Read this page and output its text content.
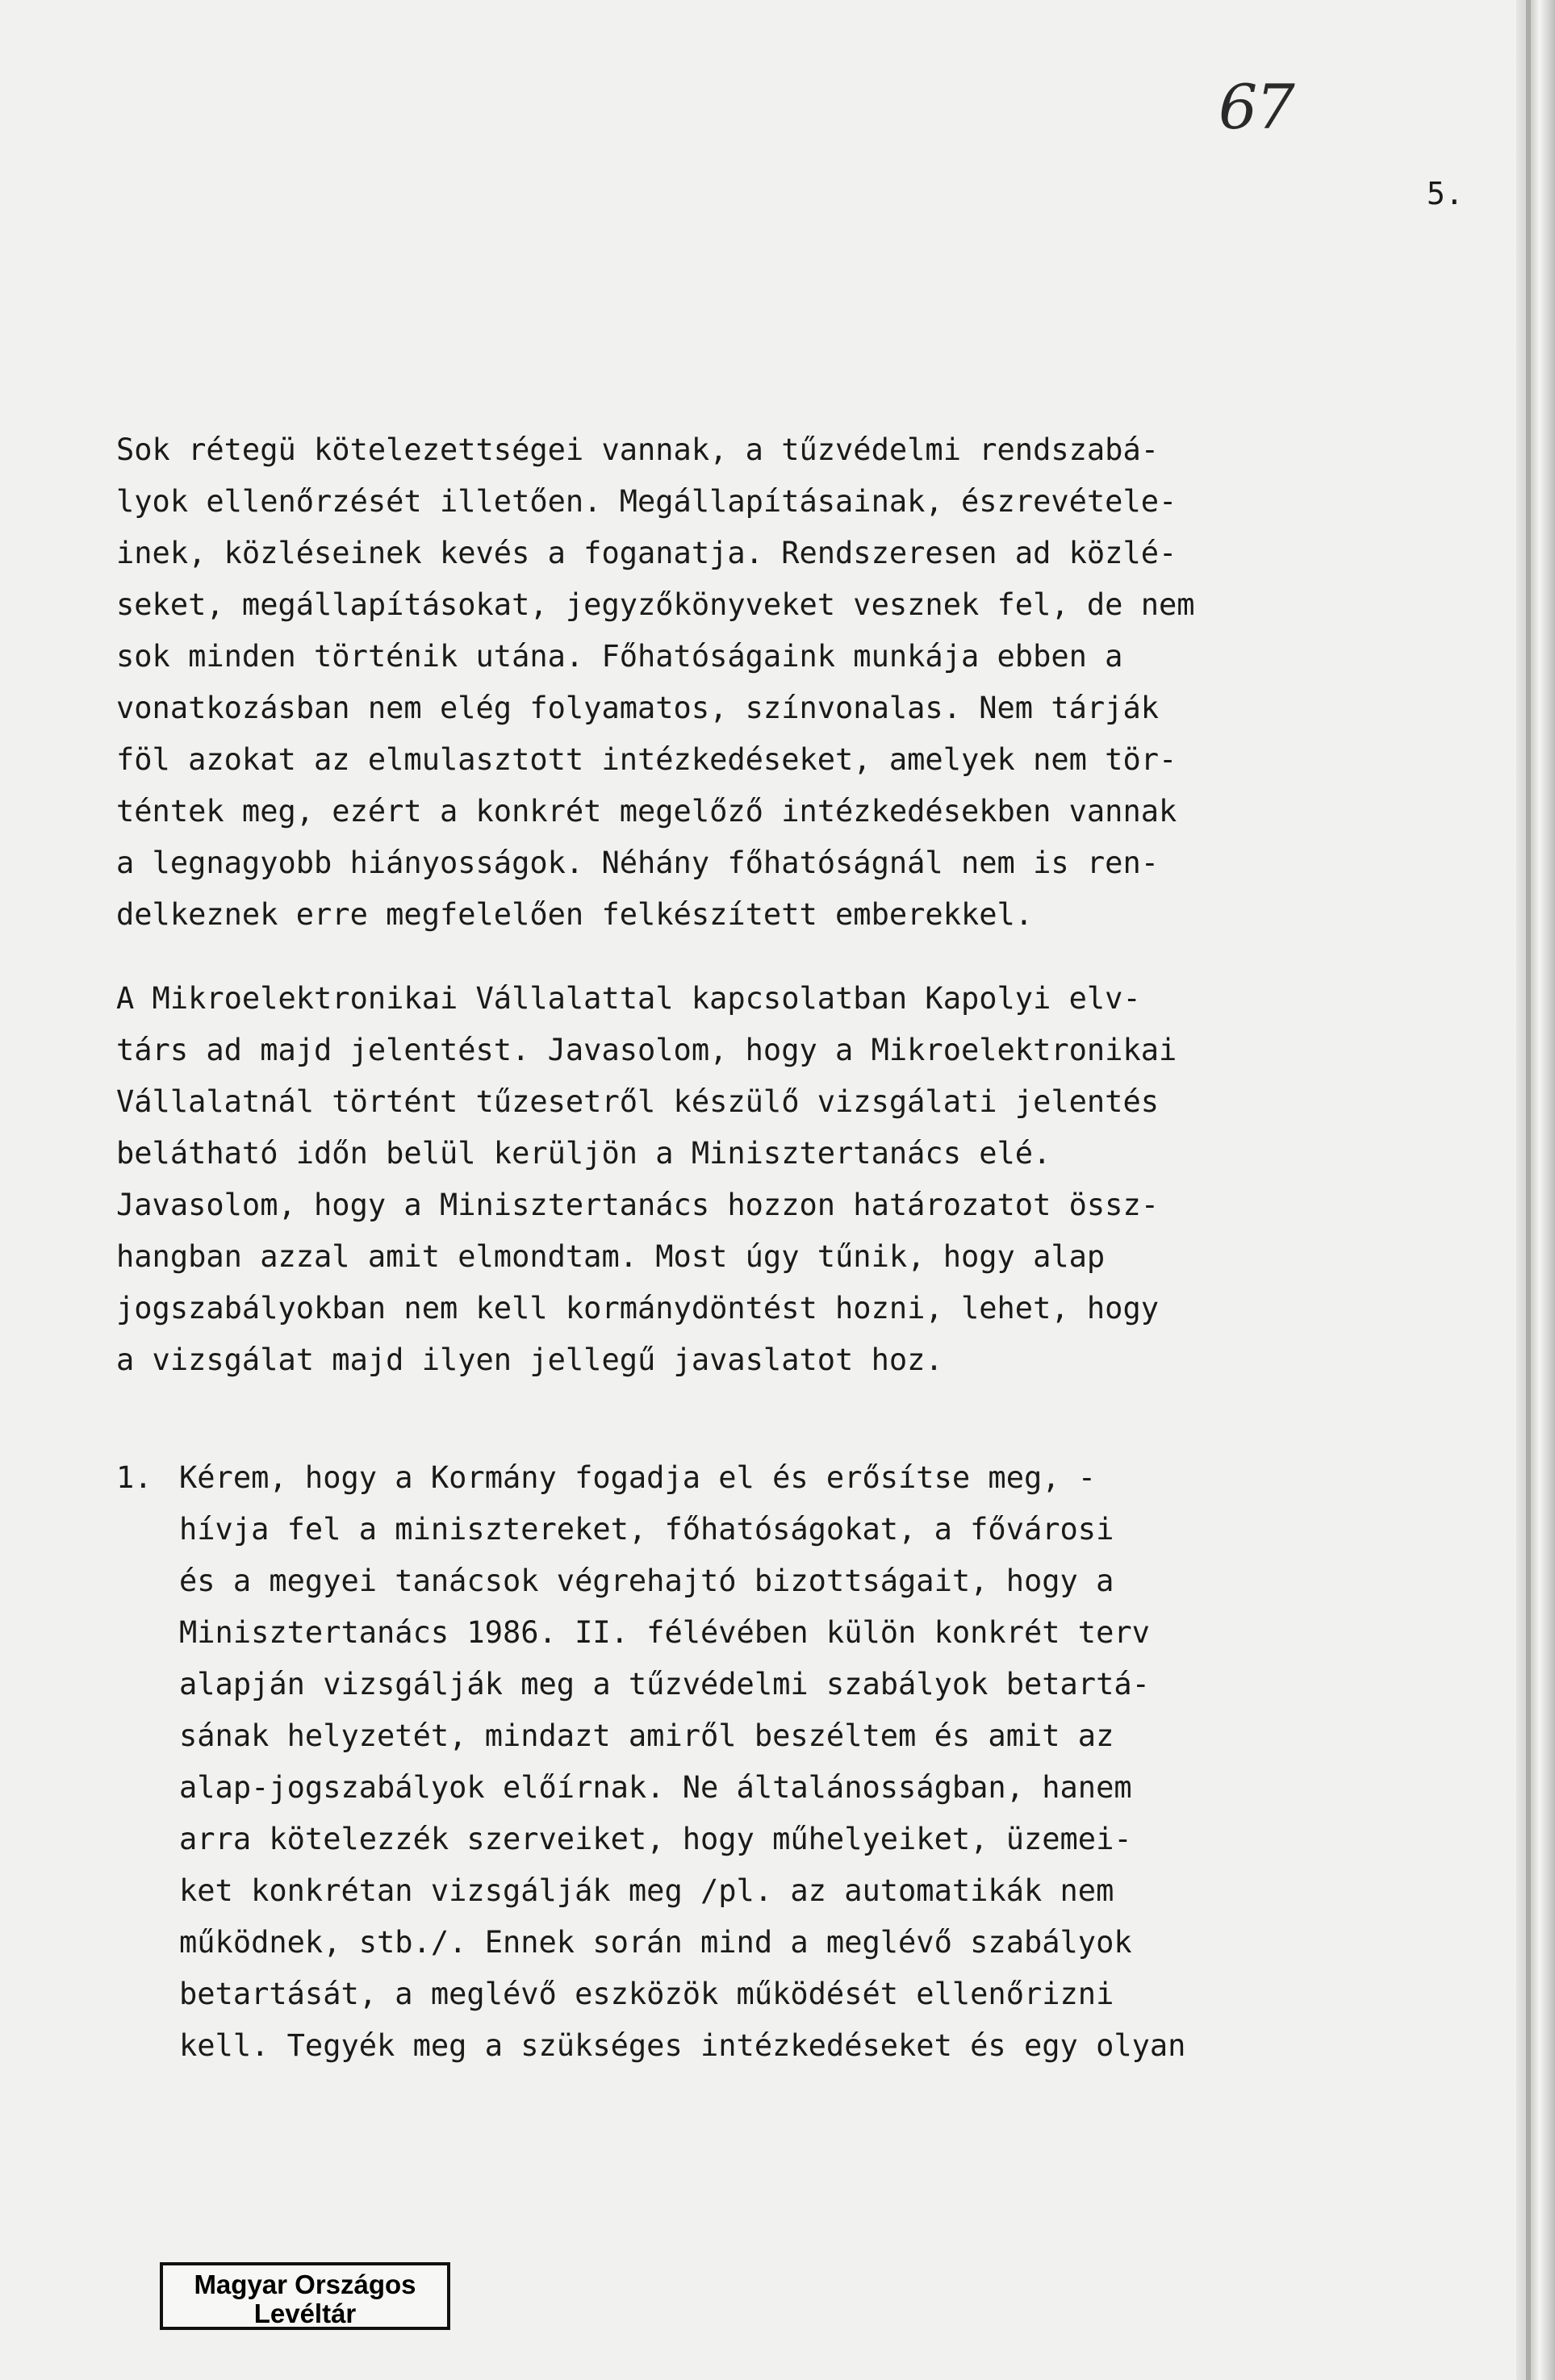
67
5.
Sok rétegü kötelezettségei vannak, a tűzvédelmi rendszabá-
lyok ellenőrzését illetően. Megállapításainak, észrevétele-
inek, közléseinek kevés a foganatja. Rendszeresen ad közlé-
seket, megállapításokat, jegyzőkönyveket vesznek fel, de nem
sok minden történik utána. Főhatóságaink munkája ebben a
vonatkozásban nem elég folyamatos, színvonalas. Nem tárják
föl azokat az elmulasztott intézkedéseket, amelyek nem tör-
téntek meg, ezért a konkrét megelőző intézkedésekben vannak
a legnagyobb hiányosságok. Néhány főhatóságnál nem is ren-
delkeznek erre megfelelően felkészített emberekkel.
A Mikroelektronikai Vállalattal kapcsolatban Kapolyi elv-
társ ad majd jelentést. Javasolom, hogy a Mikroelektronikai
Vállalatnál történt tűzesetről készülő vizsgálati jelentés
belátható időn belül kerüljön a Minisztertanács elé.
Javasolom, hogy a Minisztertanács hozzon határozatot össz-
hangban azzal amit elmondtam. Most úgy tűnik, hogy alap
jogszabályokban nem kell kormánydöntést hozni, lehet, hogy
a vizsgálat majd ilyen jellegű javaslatot hoz.
1. Kérem, hogy a Kormány fogadja el és erősítse meg, -
hívja fel a minisztereket, főhatóságokat, a fővárosi
és a megyei tanácsok végrehajtó bizottságait, hogy a
Minisztertanács 1986. II. félévében külön konkrét terv
alapján vizsgálják meg a tűzvédelmi szabályok betartá-
sának helyzetét, mindazt amiről beszéltem és amit az
alap-jogszabályok előírnak. Ne általánosságban, hanem
arra kötelezzék szerveiket, hogy műhelyeiket, üzemei-
ket konkrétan vizsgálják meg /pl. az automatikák nem
működnek, stb./. Ennek során mind a meglévő szabályok
betartását, a meglévő eszközök működését ellenőrizni
kell. Tegyék meg a szükséges intézkedéseket és egy olyan
Magyar Országos
Levéltár
